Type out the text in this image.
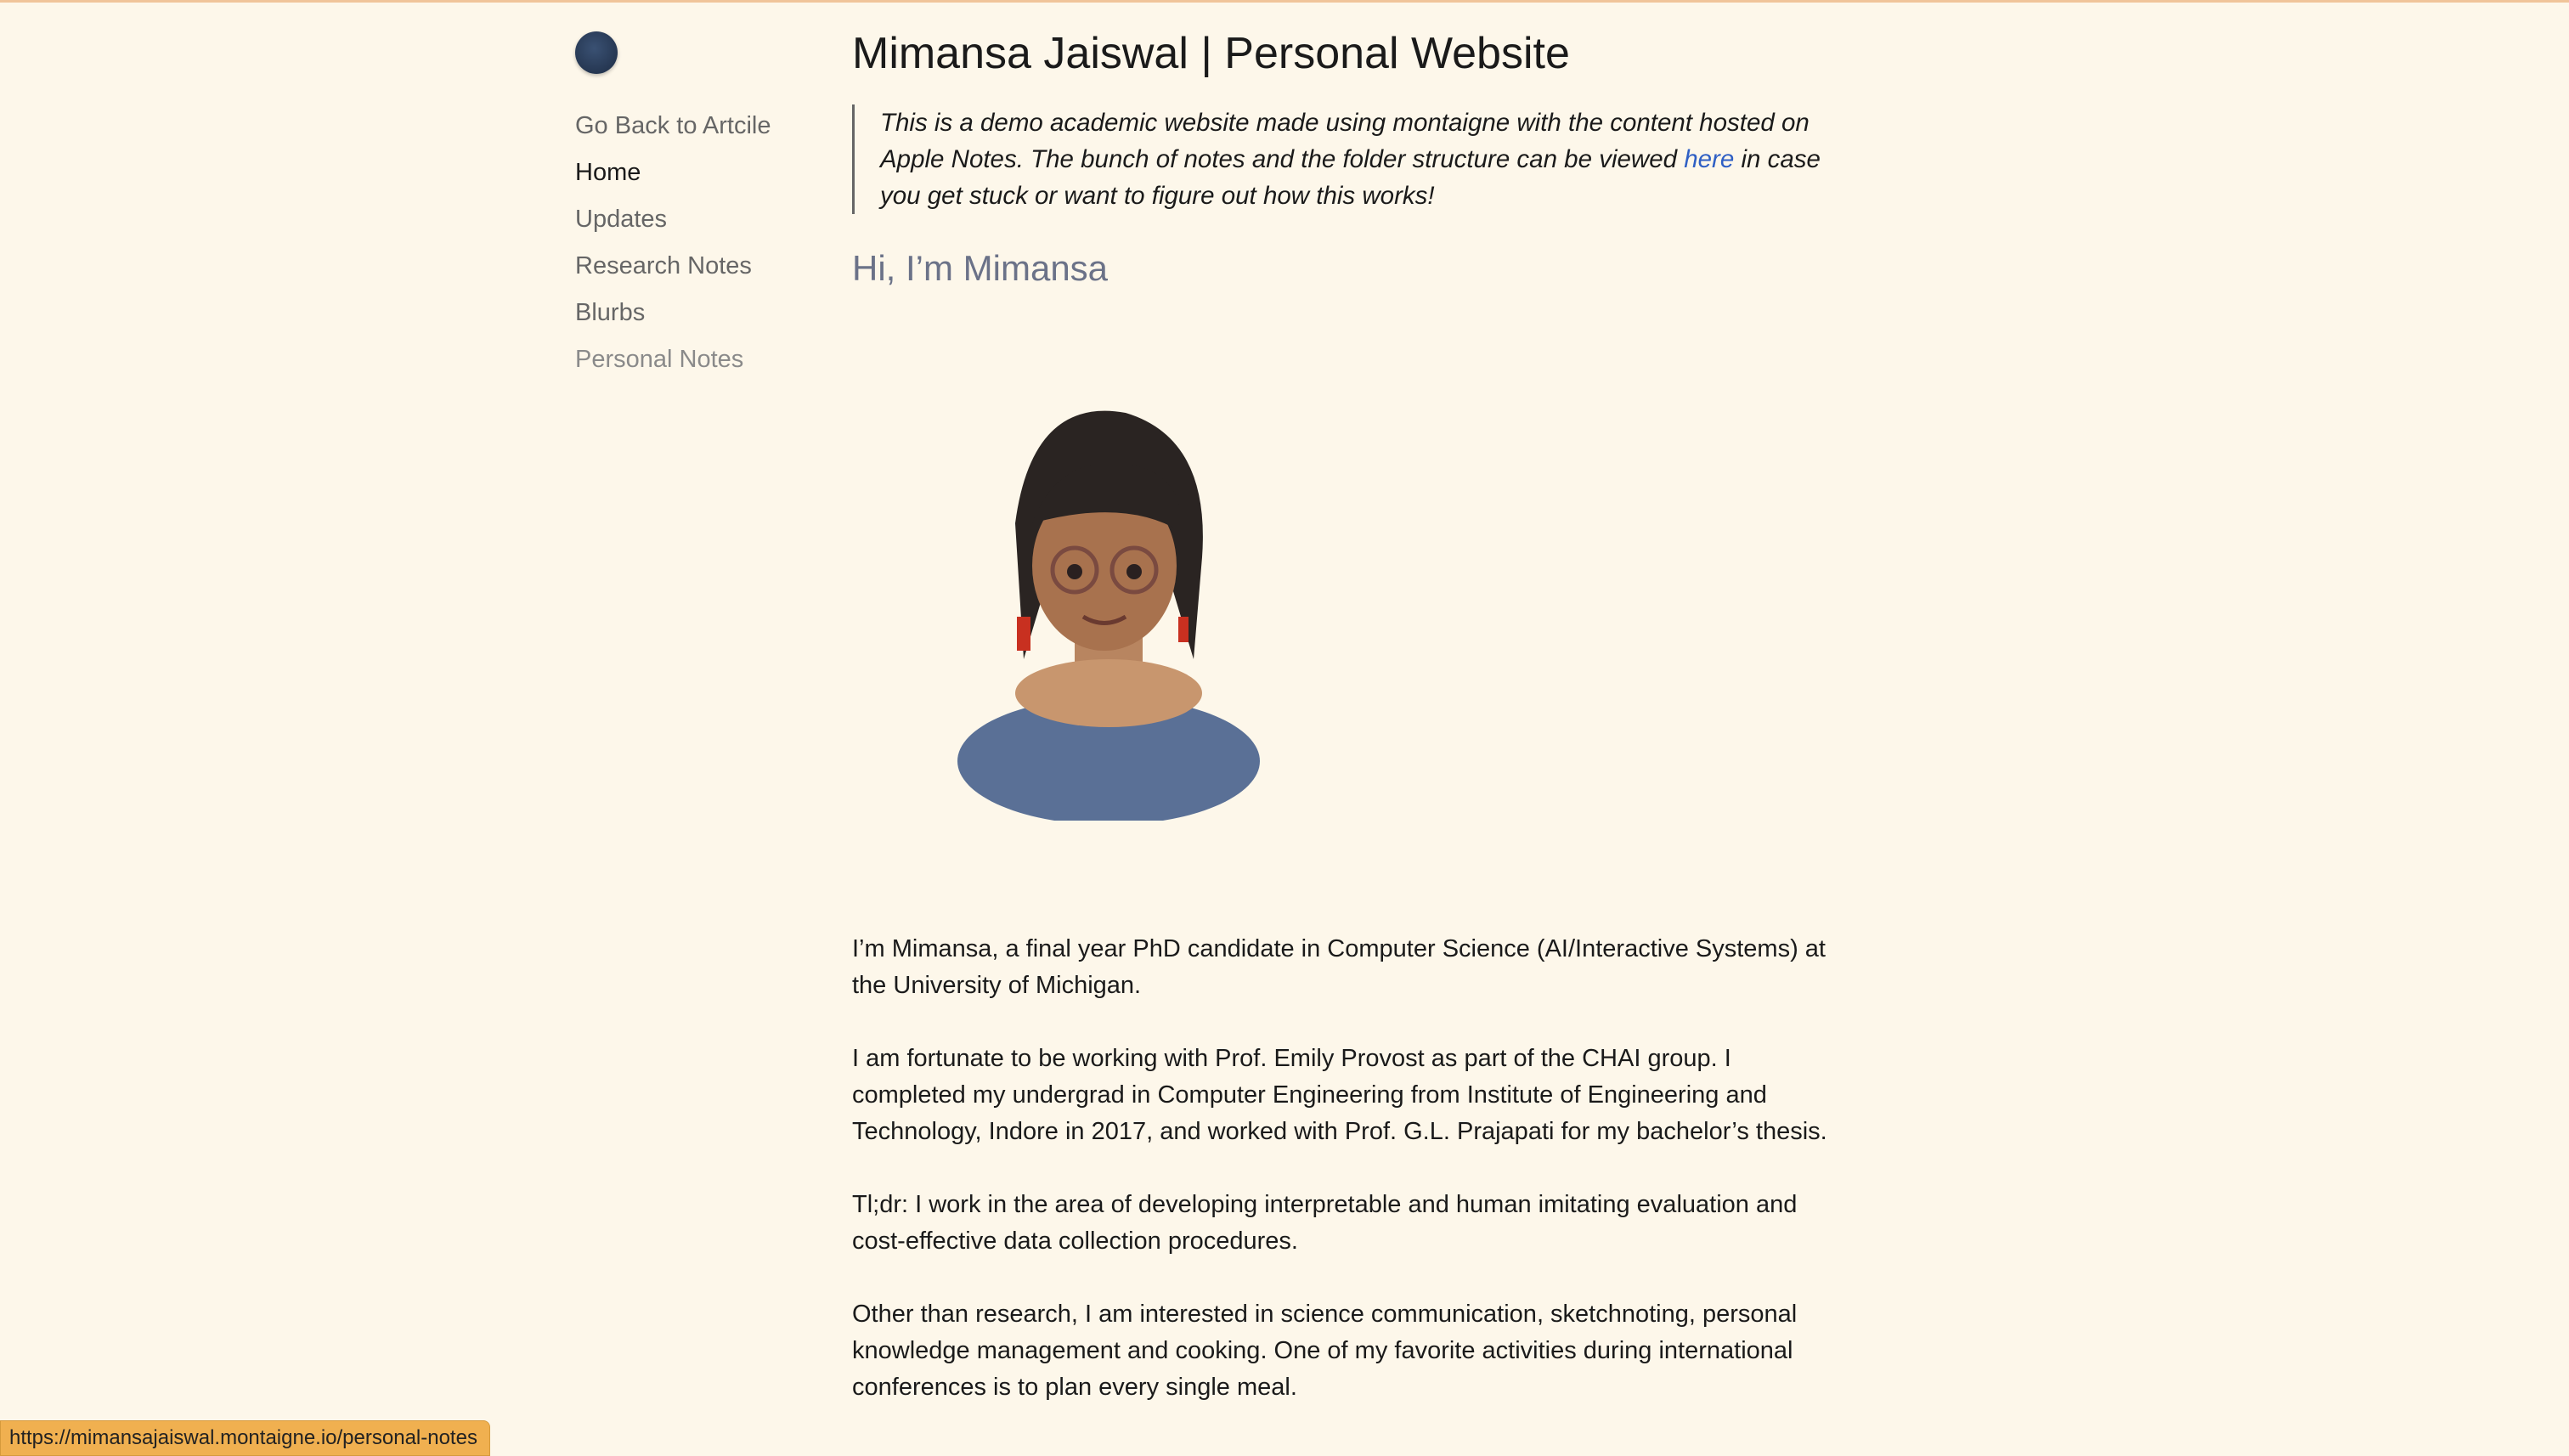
Go Back to Artcile
Home
Updates
Research Notes
Blurbs
Personal Notes
Mimansa Jaiswal | Personal Website
This is a demo academic website made using montaigne with the content hosted on Apple Notes. The bunch of notes and the folder structure can be viewed here in case you get stuck or want to figure out how this works!
Hi, I’m Mimansa

I’m Mimansa, a final year PhD candidate in Computer Science (AI/Interactive Systems) at the University of Michigan.

I am fortunate to be working with Prof. Emily Provost as part of the CHAI group. I completed my undergrad in Computer Engineering from Institute of Engineering and Technology, Indore in 2017, and worked with Prof. G.L. Prajapati for my bachelor’s thesis.

Tl;dr: I work in the area of developing interpretable and human imitating evaluation and cost-effective data collection procedures.

Other than research, I am interested in science communication, sketchnoting, personal knowledge management and cooking. One of my favorite activities during international conferences is to plan every single meal.

https://mimansajaiswal.montaigne.io/personal-notes
